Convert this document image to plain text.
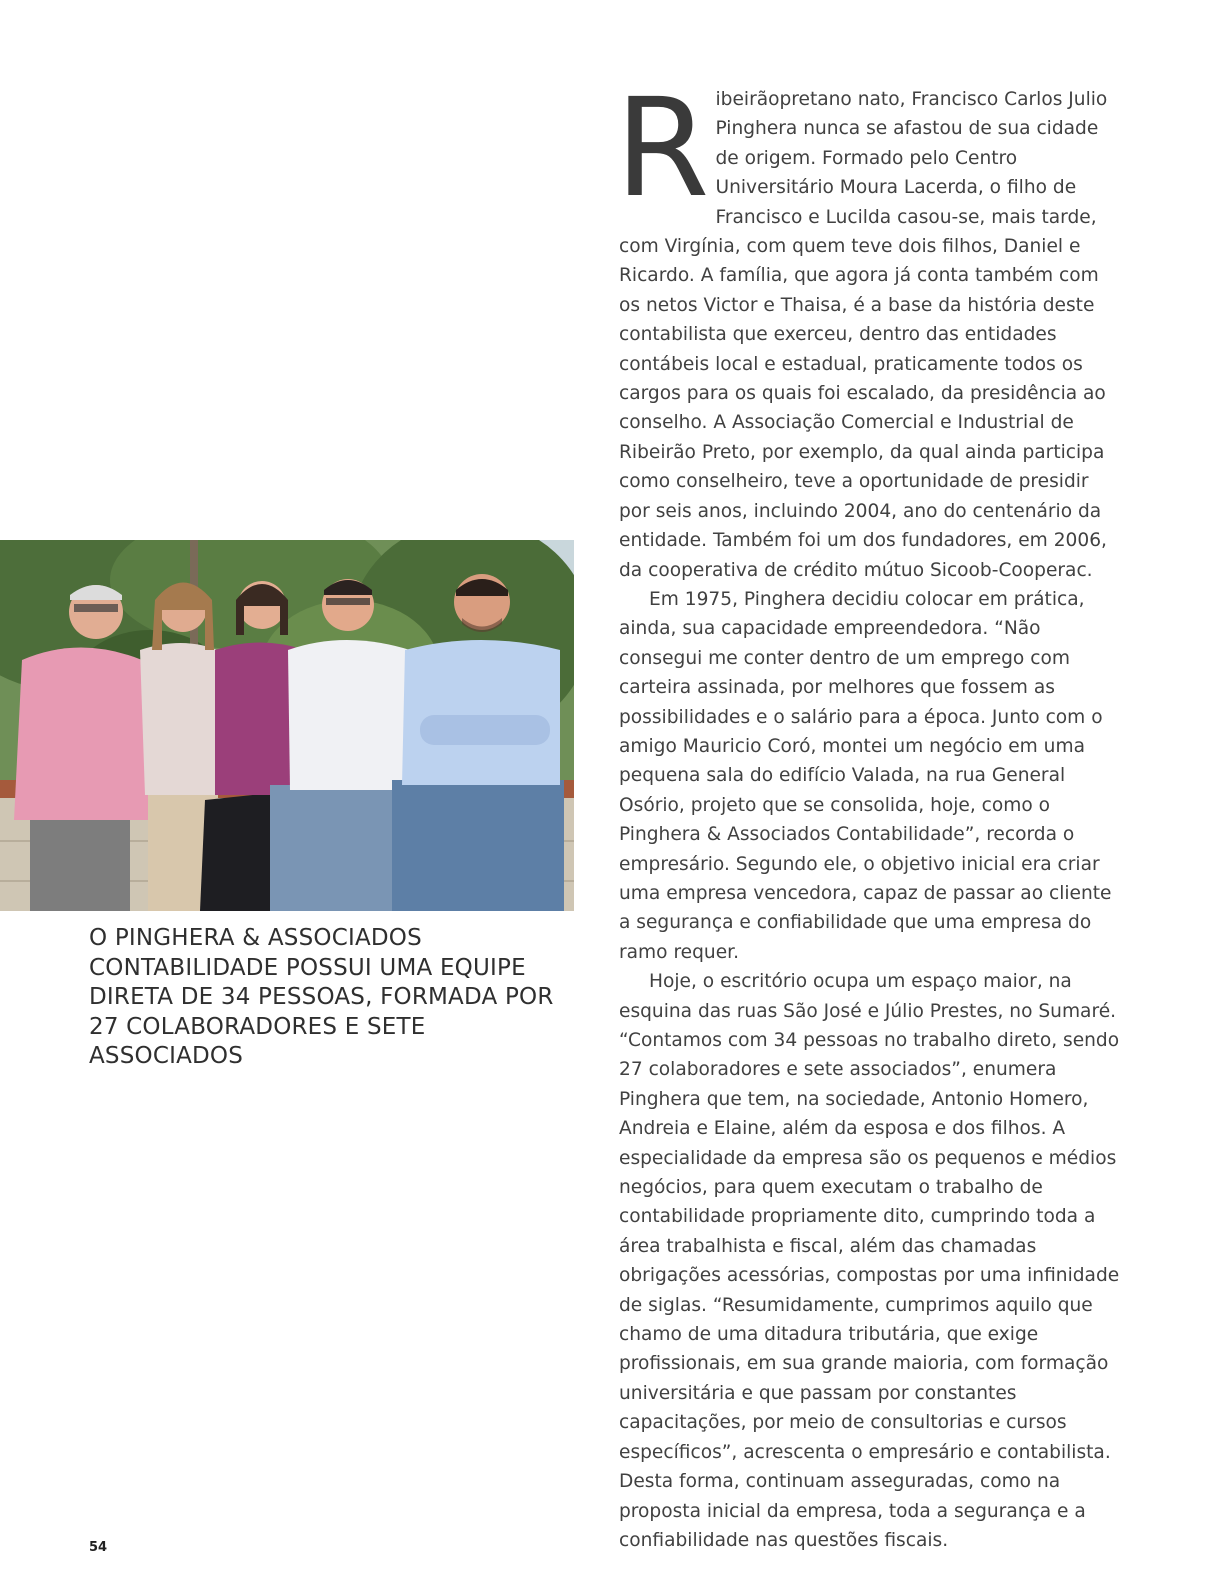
O PINGHERA & ASSOCIADOS CONTABILIDADE POSSUI UMA EQUIPE DIRETA DE 34 PESSOAS, FORMADA POR 27 COLABORADORES E SETE ASSOCIADOS

Ribeirãopretano nato, Francisco Carlos Julio Pinghera nunca se afastou de sua cidade de origem. Formado pelo Centro Universitário Moura Lacerda, o filho de Francisco e Lucilda casou-se, mais tarde, com Virgínia, com quem teve dois filhos, Daniel e Ricardo. A família, que agora já conta também com os netos Victor e Thaisa, é a base da história deste contabilista que exerceu, dentro das entidades contábeis local e estadual, praticamente todos os cargos para os quais foi escalado, da presidência ao conselho. A Associação Comercial e Industrial de Ribeirão Preto, por exemplo, da qual ainda participa como conselheiro, teve a oportunidade de presidir por seis anos, incluindo 2004, ano do centenário da entidade. Também foi um dos fundadores, em 2006, da cooperativa de crédito mútuo Sicoob-Cooperac.

Em 1975, Pinghera decidiu colocar em prática, ainda, sua capacidade empreendedora. “Não consegui me conter dentro de um emprego com carteira assinada, por melhores que fossem as possibilidades e o salário para a época. Junto com o amigo Mauricio Coró, montei um negócio em uma pequena sala do edifício Valada, na rua General Osório, projeto que se consolida, hoje, como o Pinghera & Associados Contabilidade”, recorda o empresário. Segundo ele, o objetivo inicial era criar uma empresa vencedora, capaz de passar ao cliente a segurança e confiabilidade que uma empresa do ramo requer.

Hoje, o escritório ocupa um espaço maior, na esquina das ruas São José e Júlio Prestes, no Sumaré. “Contamos com 34 pessoas no trabalho direto, sendo 27 colaboradores e sete associados”, enumera Pinghera que tem, na sociedade, Antonio Homero, Andreia e Elaine, além da esposa e dos filhos. A especialidade da empresa são os pequenos e médios negócios, para quem executam o trabalho de contabilidade propriamente dito, cumprindo toda a área trabalhista e fiscal, além das chamadas obrigações acessórias, compostas por uma infinidade de siglas. “Resumidamente, cumprimos aquilo que chamo de uma ditadura tributária, que exige profissionais, em sua grande maioria, com formação universitária e que passam por constantes capacitações, por meio de consultorias e cursos específicos”, acrescenta o empresário e contabilista. Desta forma, continuam asseguradas, como na proposta inicial da empresa, toda a segurança e a confiabilidade nas questões fiscais.

54
